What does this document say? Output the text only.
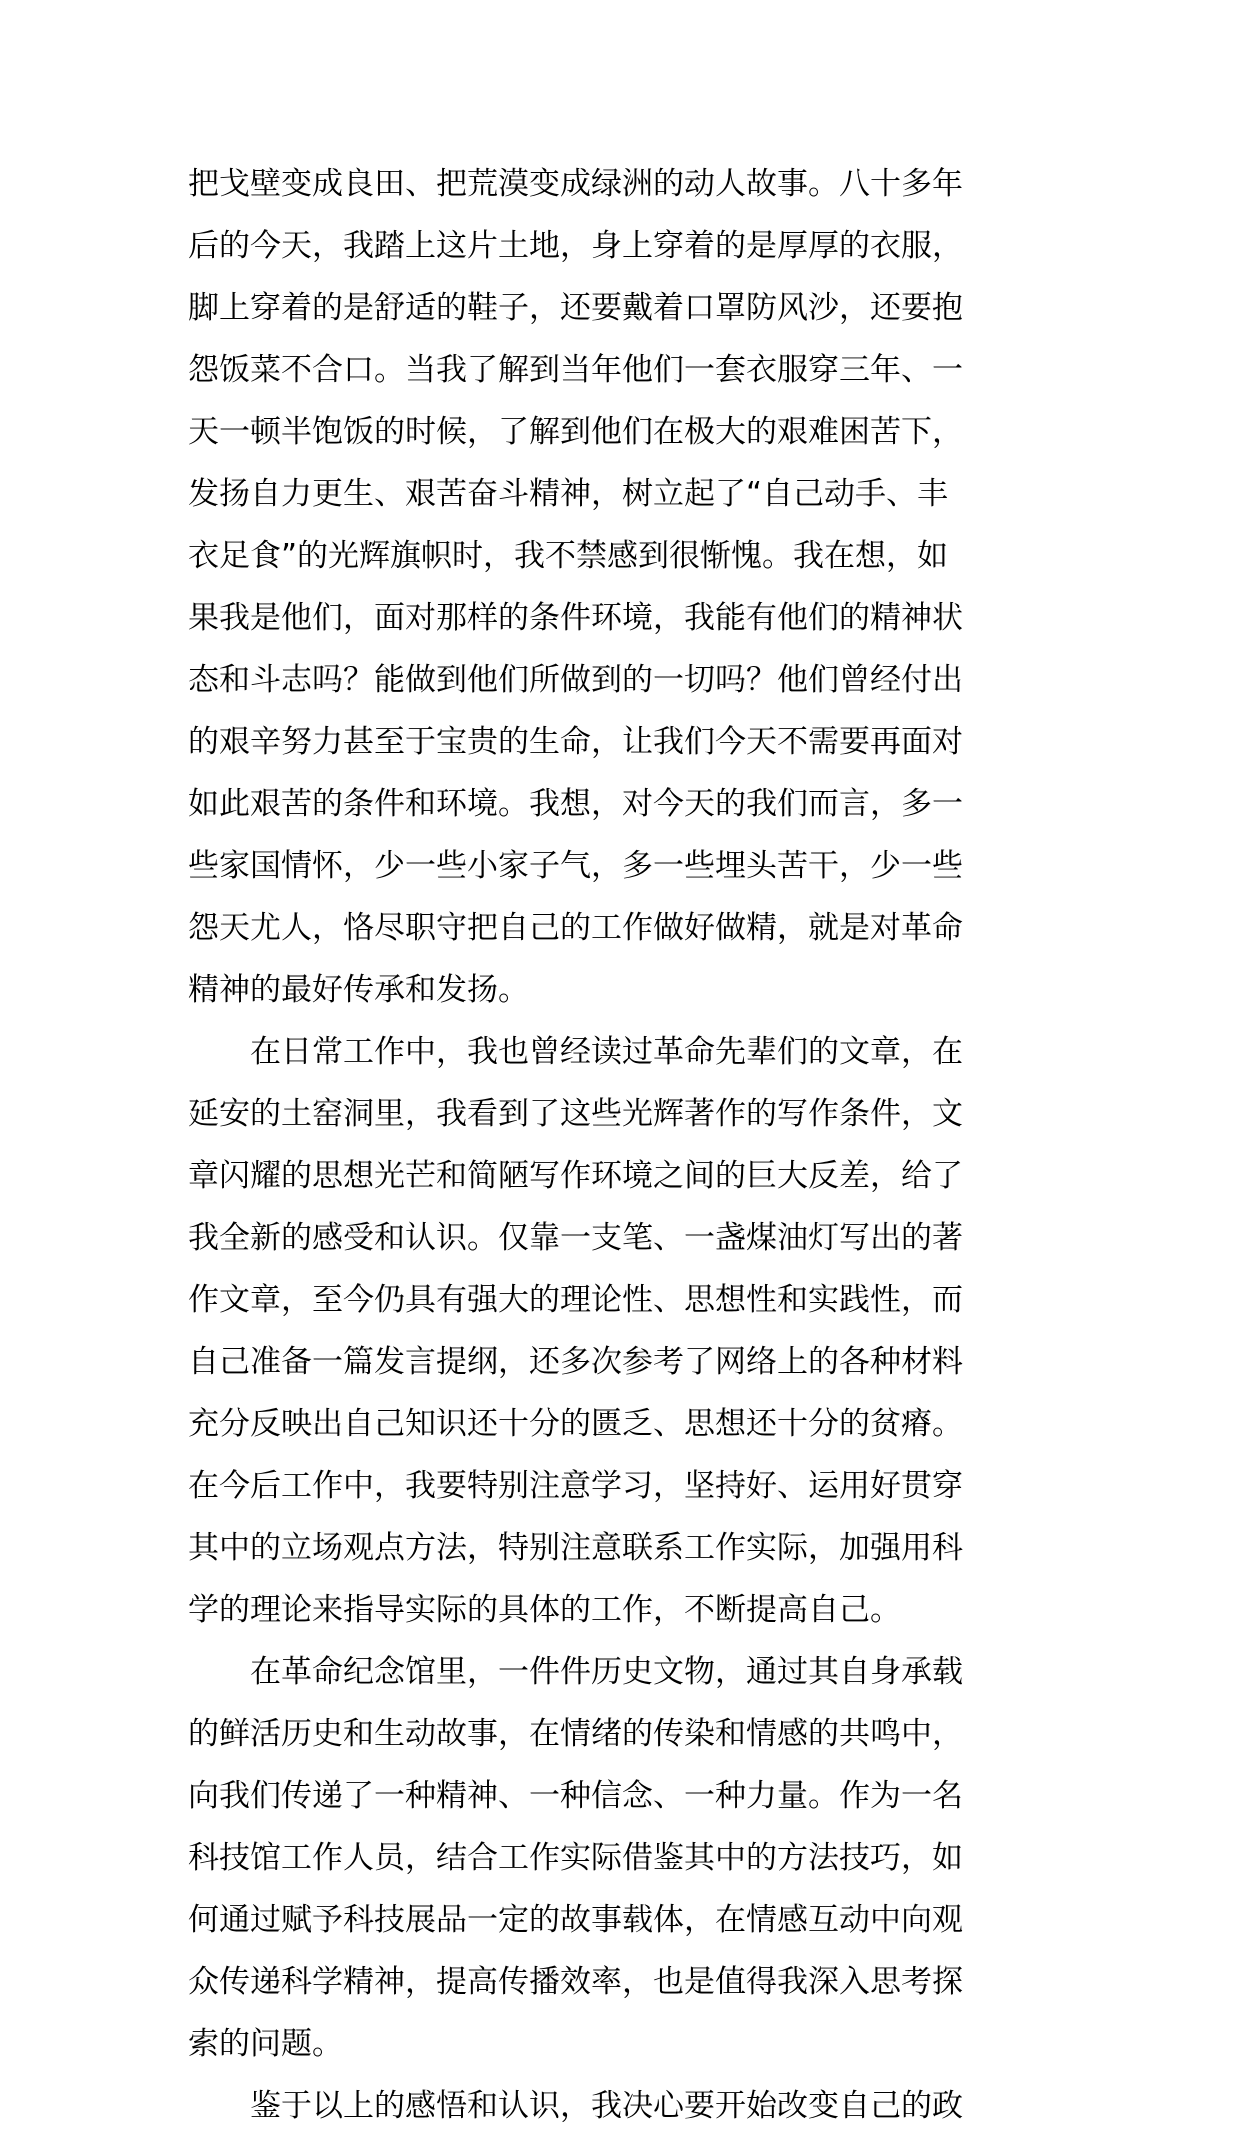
把戈壁变成良田、把荒漠变成绿洲的动人故事。八十多年
后的今天，我踏上这片土地，身上穿着的是厚厚的衣服，
脚上穿着的是舒适的鞋子，还要戴着口罩防风沙，还要抱
怨饭菜不合口。当我了解到当年他们一套衣服穿三年、一
天一顿半饱饭的时候，了解到他们在极大的艰难困苦下，
发扬自力更生、艰苦奋斗精神，树立起了“自己动手、丰
衣足食”的光辉旗帜时，我不禁感到很惭愧。我在想，如
果我是他们，面对那样的条件环境，我能有他们的精神状
态和斗志吗？能做到他们所做到的一切吗？他们曾经付出
的艰辛努力甚至于宝贵的生命，让我们今天不需要再面对
如此艰苦的条件和环境。我想，对今天的我们而言，多一
些家国情怀，少一些小家子气，多一些埋头苦干，少一些
怨天尤人，恪尽职守把自己的工作做好做精，就是对革命
精神的最好传承和发扬。
在日常工作中，我也曾经读过革命先辈们的文章，在
延安的土窑洞里，我看到了这些光辉著作的写作条件，文
章闪耀的思想光芒和简陋写作环境之间的巨大反差，给了
我全新的感受和认识。仅靠一支笔、一盏煤油灯写出的著
作文章，至今仍具有强大的理论性、思想性和实践性，而
自己准备一篇发言提纲，还多次参考了网络上的各种材料
充分反映出自己知识还十分的匮乏、思想还十分的贫瘠。
在今后工作中，我要特别注意学习，坚持好、运用好贯穿
其中的立场观点方法，特别注意联系工作实际，加强用科
学的理论来指导实际的具体的工作，不断提高自己。
在革命纪念馆里，一件件历史文物，通过其自身承载
的鲜活历史和生动故事，在情绪的传染和情感的共鸣中，
向我们传递了一种精神、一种信念、一种力量。作为一名
科技馆工作人员，结合工作实际借鉴其中的方法技巧，如
何通过赋予科技展品一定的故事载体，在情感互动中向观
众传递科学精神，提高传播效率，也是值得我深入思考探
索的问题。
鉴于以上的感悟和认识，我决心要开始改变自己的政
